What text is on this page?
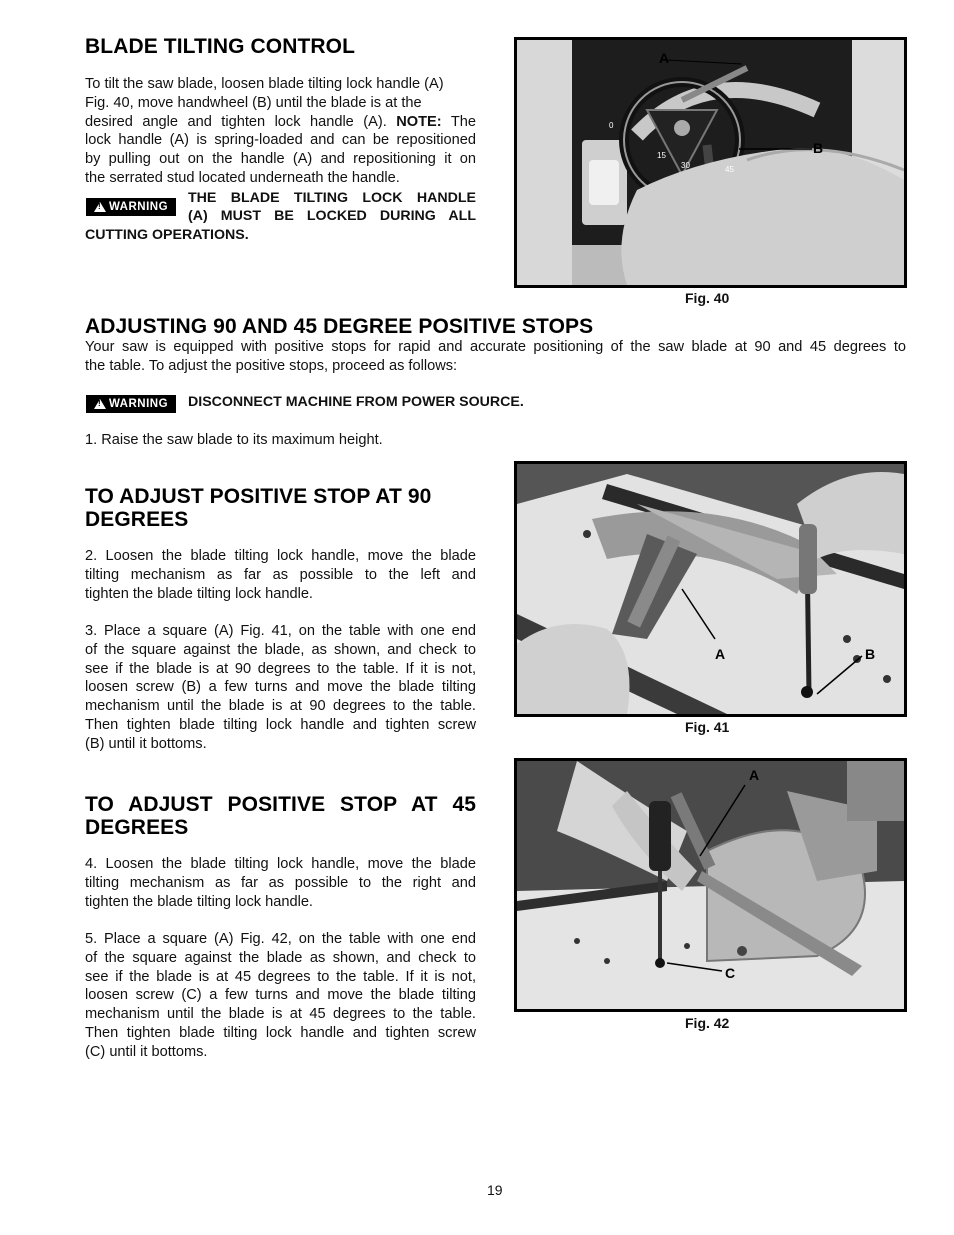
BLADE TILTING CONTROL
To tilt the saw blade, loosen blade tilting lock handle (A)
Fig. 40, move handwheel (B) until the blade is at the
desired angle and tighten lock handle (A). NOTE: The
lock handle (A) is spring-loaded and can be repositioned
by pulling out on the handle (A) and repositioning it on
the serrated stud located underneath the handle.
!
WARNING
THE BLADE TILTING LOCK HANDLE
(A) MUST BE LOCKED DURING ALL
CUTTING OPERATIONS.
0
15
30	45
A
B
Fig. 40
ADJUSTING 90 AND 45 DEGREE POSITIVE STOPS
Your saw is equipped with positive stops for rapid and accurate positioning of the saw blade at 90 and 45 degrees to
the table. To adjust the positive stops, proceed as follows:
!
WARNING DISCONNECT MACHINE FROM POWER SOURCE.
1. Raise the saw blade to its maximum height.
TO ADJUST POSITIVE STOP AT 90
DEGREES
2. Loosen the blade tilting lock handle, move the blade
tilting mechanism as far as possible to the left and
tighten the blade tilting lock handle.
3. Place a square (A) Fig. 41, on the table with one end
of the square against the blade, as shown, and check to
see if the blade is at 90 degrees to the table. If it is not,
loosen screw (B) a few turns and move the blade tilting
mechanism until the blade is at 90 degrees to the table.
Then tighten blade tilting lock handle and tighten screw
(B) until it bottoms.
A	B
Fig. 41
TO ADJUST POSITIVE STOP AT 45
DEGREES
4. Loosen the blade tilting lock handle, move the blade
tilting mechanism as far as possible to the right and
tighten the blade tilting lock handle.
5. Place a square (A) Fig. 42, on the table with one end
of the square against the blade as shown, and check to
see if the blade is at 45 degrees to the table. If it is not,
loosen screw (C) a few turns and move the blade tilting
mechanism until the blade is at 45 degrees to the table.
Then tighten blade tilting lock handle and tighten screw
(C) until it bottoms.
A
C
Fig. 42
19
